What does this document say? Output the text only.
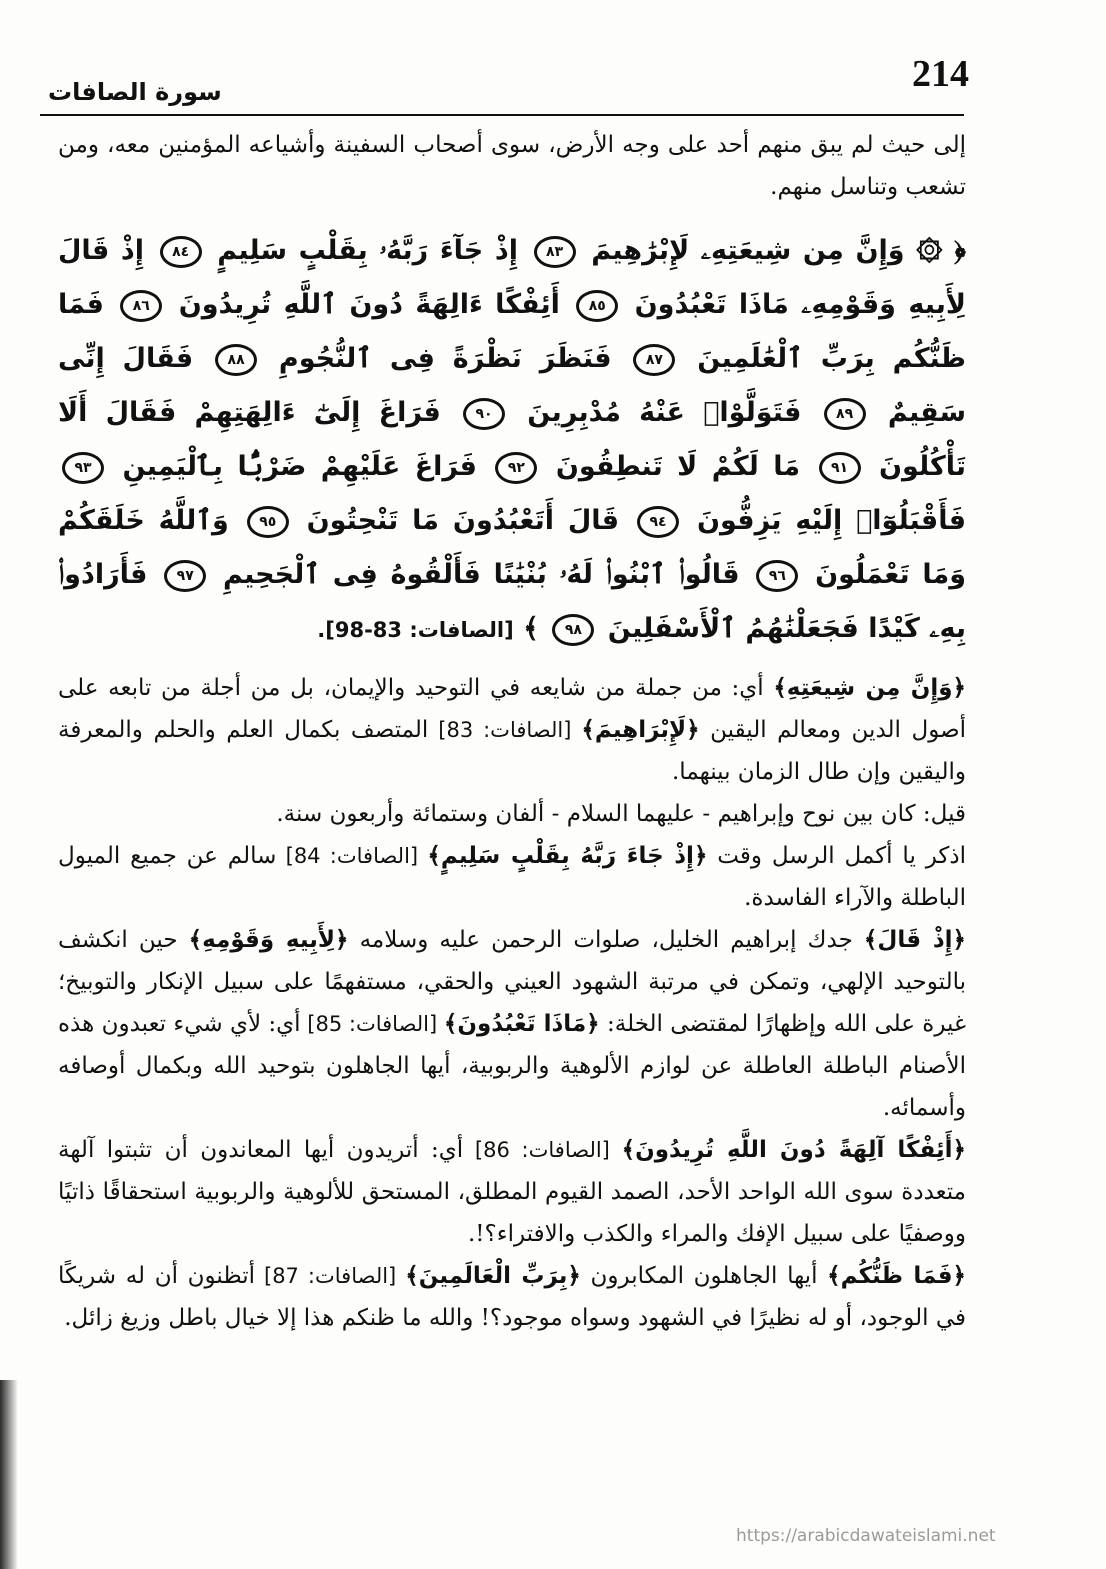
214
سورة الصافات

إلى حيث لم يبق منهم أحد على وجه الأرض، سوى أصحاب السفينة وأشياعه المؤمنين معه، ومن تشعب وتناسل منهم.

﴿ ۞ وَإِنَّ مِن شِيعَتِهِۦ لَإِبْرَٰهِيمَ ٨٣ إِذْ جَآءَ رَبَّهُۥ بِقَلْبٍ سَلِيمٍ ٨٤ إِذْ قَالَ لِأَبِيهِ وَقَوْمِهِۦ مَاذَا تَعْبُدُونَ ٨٥ أَئِفْكًا ءَالِهَةً دُونَ ٱللَّهِ تُرِيدُونَ ٨٦ فَمَا ظَنُّكُم بِرَبِّ ٱلْعَٰلَمِينَ ٨٧ فَنَظَرَ نَظْرَةً فِى ٱلنُّجُومِ ٨٨ فَقَالَ إِنِّى سَقِيمٌ ٨٩ فَتَوَلَّوْا۟ عَنْهُ مُدْبِرِينَ ٩٠ فَرَاغَ إِلَىٰٓ ءَالِهَتِهِمْ فَقَالَ أَلَا تَأْكُلُونَ ٩١ مَا لَكُمْ لَا تَنطِقُونَ ٩٢ فَرَاغَ عَلَيْهِمْ ضَرْبًۢا بِٱلْيَمِينِ ٩٣ فَأَقْبَلُوٓا۟ إِلَيْهِ يَزِفُّونَ ٩٤ قَالَ أَتَعْبُدُونَ مَا تَنْحِتُونَ ٩٥ وَٱللَّهُ خَلَقَكُمْ وَمَا تَعْمَلُونَ ٩٦ قَالُوا۟ ٱبْنُوا۟ لَهُۥ بُنْيَٰنًا فَأَلْقُوهُ فِى ٱلْجَحِيمِ ٩٧ فَأَرَادُوا۟ بِهِۦ كَيْدًا فَجَعَلْنَٰهُمُ ٱلْأَسْفَلِينَ ٩٨ ﴾ [الصافات: 83-98].

﴿وَإِنَّ مِن شِيعَتِهِ﴾ أي: من جملة من شايعه في التوحيد والإيمان، بل من أجلة من تابعه على أصول الدين ومعالم اليقين ﴿لَإِبْرَاهِيمَ﴾ [الصافات: 83] المتصف بكمال العلم والحلم والمعرفة واليقين وإن طال الزمان بينهما.

قيل: كان بين نوح وإبراهيم - عليهما السلام - ألفان وستمائة وأربعون سنة.

اذكر يا أكمل الرسل وقت ﴿إِذْ جَاءَ رَبَّهُ بِقَلْبٍ سَلِيمٍ﴾ [الصافات: 84] سالم عن جميع الميول الباطلة والآراء الفاسدة.

﴿إِذْ قَالَ﴾ جدك إبراهيم الخليل، صلوات الرحمن عليه وسلامه ﴿لِأَبِيهِ وَقَوْمِهِ﴾ حين انكشف بالتوحيد الإلهي، وتمكن في مرتبة الشهود العيني والحقي، مستفهمًا على سبيل الإنكار والتوبيخ؛ غيرة على الله وإظهارًا لمقتضى الخلة: ﴿مَاذَا تَعْبُدُونَ﴾ [الصافات: 85] أي: لأي شيء تعبدون هذه الأصنام الباطلة العاطلة عن لوازم الألوهية والربوبية، أيها الجاهلون بتوحيد الله وبكمال أوصافه وأسمائه.

﴿أَئِفْكًا آلِهَةً دُونَ اللَّهِ تُرِيدُونَ﴾ [الصافات: 86] أي: أتريدون أيها المعاندون أن تثبتوا آلهة متعددة سوى الله الواحد الأحد، الصمد القيوم المطلق، المستحق للألوهية والربوبية استحقاقًا ذاتيًا ووصفيًا على سبيل الإفك والمراء والكذب والافتراء؟!.

﴿فَمَا ظَنُّكُم﴾ أيها الجاهلون المكابرون ﴿بِرَبِّ الْعَالَمِينَ﴾ [الصافات: 87] أتظنون أن له شريكًا في الوجود، أو له نظيرًا في الشهود وسواه موجود؟! والله ما ظنكم هذا إلا خيال باطل وزيغ زائل.

https://arabicdawateislami.net
